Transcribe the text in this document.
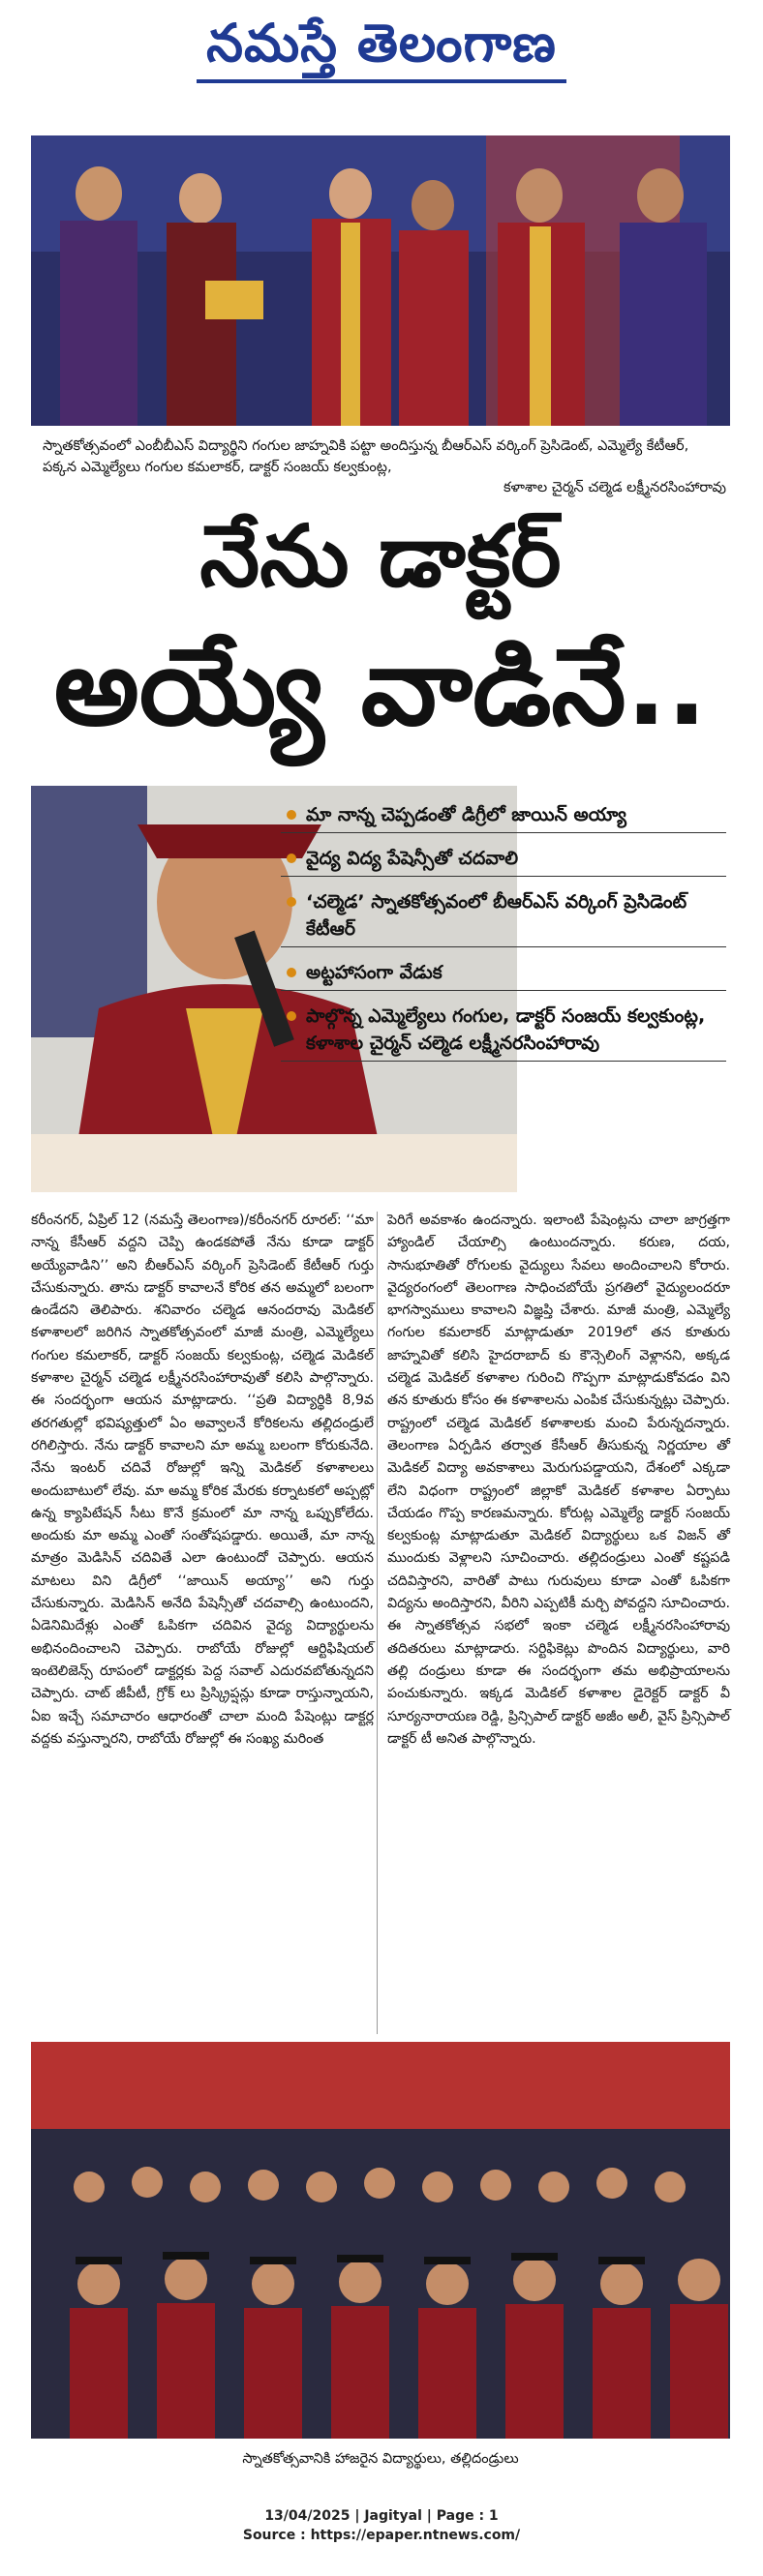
నమస్తే తెలంగాణ
స్నాతకోత్సవంలో ఎంబీబీఎస్ విద్యార్థిని గంగుల జాహ్నవికి పట్టా అందిస్తున్న బీఆర్ఎస్ వర్కింగ్ ప్రెసిడెంట్, ఎమ్మెల్యే కేటీఆర్, పక్కన ఎమ్మెల్యేలు గంగుల కమలాకర్, డాక్టర్ సంజయ్ కల్వకుంట్ల,
కళాశాల చైర్మన్ చల్మెడ లక్ష్మీనరసింహారావు
నేను డాక్టర్
అయ్యే వాడినే..
మా నాన్న చెప్పడంతో డిగ్రీలో జాయిన్ అయ్యా
వైద్య విద్య పేషెన్సీతో చదవాలి
‘చల్మెడ’ స్నాతకోత్సవంలో బీఆర్ఎస్ వర్కింగ్ ప్రెసిడెంట్ కేటీఆర్
అట్టహాసంగా వేడుక
పాల్గొన్న ఎమ్మెల్యేలు గంగుల, డాక్టర్ సంజయ్ కల్వకుంట్ల, కళాశాల చైర్మన్ చల్మెడ లక్ష్మీనరసింహారావు
కరీంనగర్, ఏప్రిల్ 12 (నమస్తే తెలంగాణ)/కరీంనగర్ రూరల్: ‘‘మా నాన్న కేసీఆర్ వద్దని చెప్పి ఉండకపోతే నేను కూడా డాక్టర్ అయ్యేవాడిని’’ అని బీఆర్ఎస్ వర్కింగ్ ప్రెసిడెంట్ కేటీఆర్ గుర్తు చేసుకున్నారు. తాను డాక్టర్ కావాలనే కోరిక తన అమ్మలో బలంగా ఉండేదని తెలిపారు. శనివారం చల్మెడ ఆనందరావు మెడికల్ కళాశాలలో జరిగిన స్నాతకోత్సవంలో మాజీ మంత్రి, ఎమ్మెల్యేలు గంగుల కమలాకర్, డాక్టర్ సంజయ్ కల్వకుంట్ల, చల్మెడ మెడికల్ కళాశాల చైర్మన్ చల్మెడ లక్ష్మీనరసింహారావుతో కలిసి పాల్గొన్నారు. ఈ సందర్భంగా ఆయన మాట్లాడారు. ‘‘ప్రతి విద్యార్థికి 8,9వ తరగతుల్లో భవిష్యత్తులో ఏం అవ్వాలనే కోరికలను తల్లిదండ్రులే రగిలిస్తారు. నేను డాక్టర్ కావాలని మా అమ్మ బలంగా కోరుకునేది. నేను ఇంటర్ చదివే రోజుల్లో ఇన్ని మెడికల్ కళాశాలలు అందుబాటులో లేవు. మా అమ్మ కోరిక మేరకు కర్నాటకలో అప్పట్లో ఉన్న క్యాపిటేషన్ సీటు కొనే క్రమంలో మా నాన్న ఒప్పుకోలేదు. అందుకు మా అమ్మ ఎంతో సంతోషపడ్డారు. అయితే, మా నాన్న మాత్రం మెడిసిన్ చదివితే ఎలా ఉంటుందో చెప్పారు. ఆయన మాటలు విని డిగ్రీలో ‘‘జాయిన్ అయ్యా’’ అని గుర్తు చేసుకున్నారు. మెడిసిన్ అనేది పేషెన్సీతో చదవాల్సి ఉంటుందని, ఏడెనిమిదేళ్లు ఎంతో ఓపికగా చదివిన వైద్య విద్యార్థులను అభినందించాలని చెప్పారు. రాబోయే రోజుల్లో ఆర్టిఫిషియల్ ఇంటెలిజెన్స్ రూపంలో డాక్టర్లకు పెద్ద సవాల్ ఎదురవబోతున్నదని చెప్పారు. చాట్ జీపీటీ, గ్రోక్ లు ప్రిస్క్రిప్షన్లు కూడా రాస్తున్నాయని, ఏఐ ఇచ్చే సమాచారం ఆధారంతో చాలా మంది పేషెంట్లు డాక్టర్ల వద్దకు వస్తున్నారని, రాబోయే రోజుల్లో ఈ సంఖ్య మరింత
పెరిగే అవకాశం ఉందన్నారు. ఇలాంటి పేషెంట్లను చాలా జాగ్రత్తగా హ్యాండిల్ చేయాల్సి ఉంటుందన్నారు. కరుణ, దయ, సానుభూతితో రోగులకు వైద్యులు సేవలు అందించాలని కోరారు. వైద్యరంగంలో తెలంగాణ సాధించబోయే ప్రగతిలో వైద్యులందరూ భాగస్వాములు కావాలని విజ్ఞప్తి చేశారు. మాజీ మంత్రి, ఎమ్మెల్యే గంగుల కమలాకర్ మాట్లాడుతూ 2019లో తన కూతురు జాహ్నవితో కలిసి హైదరాబాద్ కు కౌన్సెలింగ్ వెళ్లానని, అక్కడ చల్మెడ మెడికల్ కళాశాల గురించి గొప్పగా మాట్లాడుకోవడం విని తన కూతురు కోసం ఈ కళాశాలను ఎంపిక చేసుకున్నట్లు చెప్పారు. రాష్ట్రంలో చల్మెడ మెడికల్ కళాశాలకు మంచి పేరున్నదన్నారు. తెలంగాణ ఏర్పడిన తర్వాత కేసీఆర్ తీసుకున్న నిర్ణయాల తో మెడికల్ విద్యా అవకాశాలు మెరుగుపడ్డాయని, దేశంలో ఎక్కడా లేని విధంగా రాష్ట్రంలో జిల్లాకో మెడికల్ కళాశాల ఏర్పాటు చేయడం గొప్ప కారణమన్నారు. కోరుట్ల ఎమ్మెల్యే డాక్టర్ సంజయ్ కల్వకుంట్ల మాట్లాడుతూ మెడికల్ విద్యార్థులు ఒక విజన్ తో ముందుకు వెళ్లాలని సూచించారు. తల్లిదండ్రులు ఎంతో కష్టపడి చదివిస్తారని, వారితో పాటు గురువులు కూడా ఎంతో ఓపికగా విద్యను అందిస్తారని, వీరిని ఎప్పటికీ మర్చి పోవద్దని సూచించారు. ఈ స్నాతకోత్సవ సభలో ఇంకా చల్మెడ లక్ష్మీనరసింహారావు తదితరులు మాట్లాడారు. సర్టిఫికెట్లు పొందిన విద్యార్థులు, వారి తల్లి దండ్రులు కూడా ఈ సందర్భంగా తమ అభిప్రాయాలను పంచుకున్నారు. ఇక్కడ మెడికల్ కళాశాల డైరెక్టర్ డాక్టర్ వీ సూర్యనారాయణ రెడ్డి, ప్రిన్సిపాల్ డాక్టర్ అజీం అలీ, వైస్ ప్రిన్సిపాల్ డాక్టర్ టీ అనిత పాల్గొన్నారు.
స్నాతకోత్సవానికి హాజరైన విద్యార్థులు, తల్లిదండ్రులు
13/04/2025 | Jagityal | Page : 1
Source : https://epaper.ntnews.com/
